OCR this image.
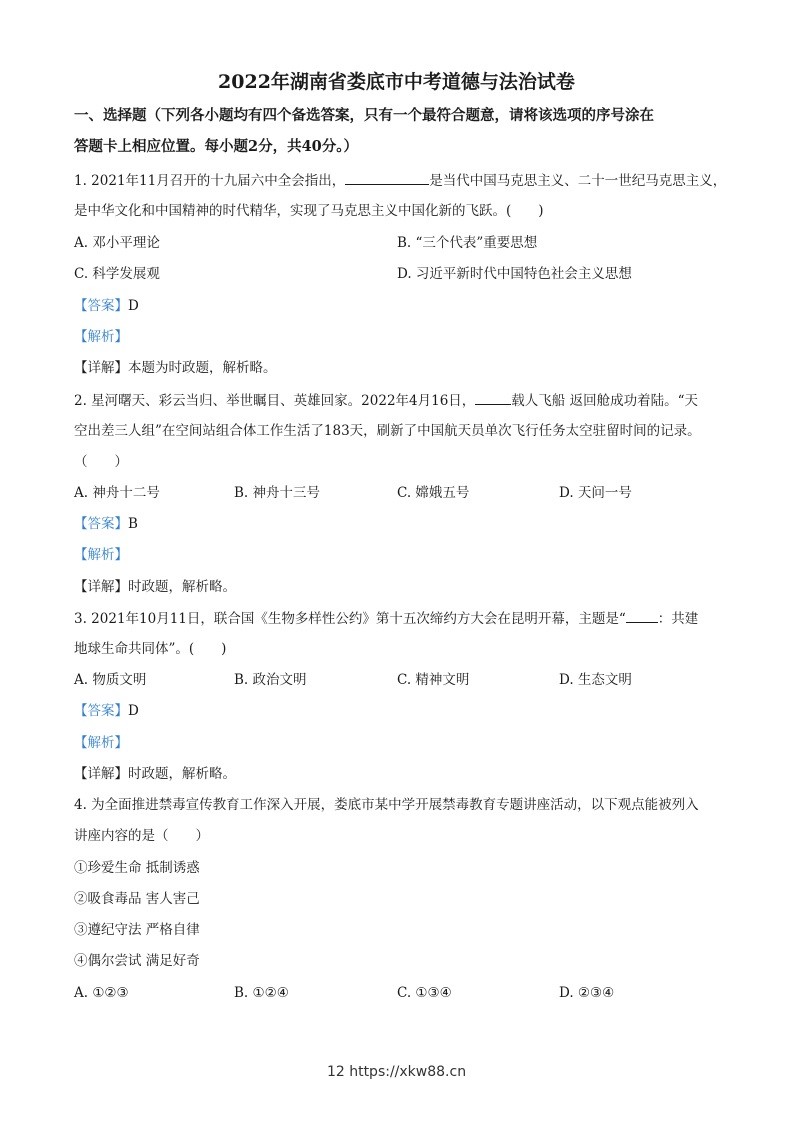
2022年湖南省娄底市中考道德与法治试卷
一、选择题（下列各小题均有四个备选答案，只有一个最符合题意，请将该选项的序号涂在
答题卡上相应位置。每小题2分，共40分。）
1. 2021年11月召开的十九届六中全会指出，	是当代中国马克思主义、二十一世纪马克思主义，
是中华文化和中国精神的时代精华，实现了马克思主义中国化新的飞跃。(　　)
A. 邓小平理论	B. “三个代表”重要思想
C. 科学发展观	D. 习近平新时代中国特色社会主义思想
【答案】D
【解析】
【详解】本题为时政题，解析略。
2. 星河曙天、彩云当归、举世瞩目、英雄回家。2022年4月16日，	载人飞船 返回舱成功着陆。“天
空出差三人组”在空间站组合体工作生活了183天，刷新了中国航天员单次飞行任务太空驻留时间的记录。
（　　）
A. 神舟十二号	B. 神舟十三号	C. 嫦娥五号	D. 天问一号
【答案】B
【解析】
【详解】时政题，解析略。
3. 2021年10月11日，联合国《生物多样性公约》第十五次缔约方大会在昆明开幕，主题是“ ：共建
地球生命共同体”。(　　)
A. 物质文明	B. 政治文明	C. 精神文明	D. 生态文明
【答案】D
【解析】
【详解】时政题，解析略。
4. 为全面推进禁毒宣传教育工作深入开展，娄底市某中学开展禁毒教育专题讲座活动，以下观点能被列入
讲座内容的是（　　）
①珍爱生命 抵制诱惑
②吸食毒品 害人害己
③遵纪守法 严格自律
④偶尔尝试 满足好奇
A. ①②③	B. ①②④	C. ①③④	D. ②③④
12 https://xkw88.cn
